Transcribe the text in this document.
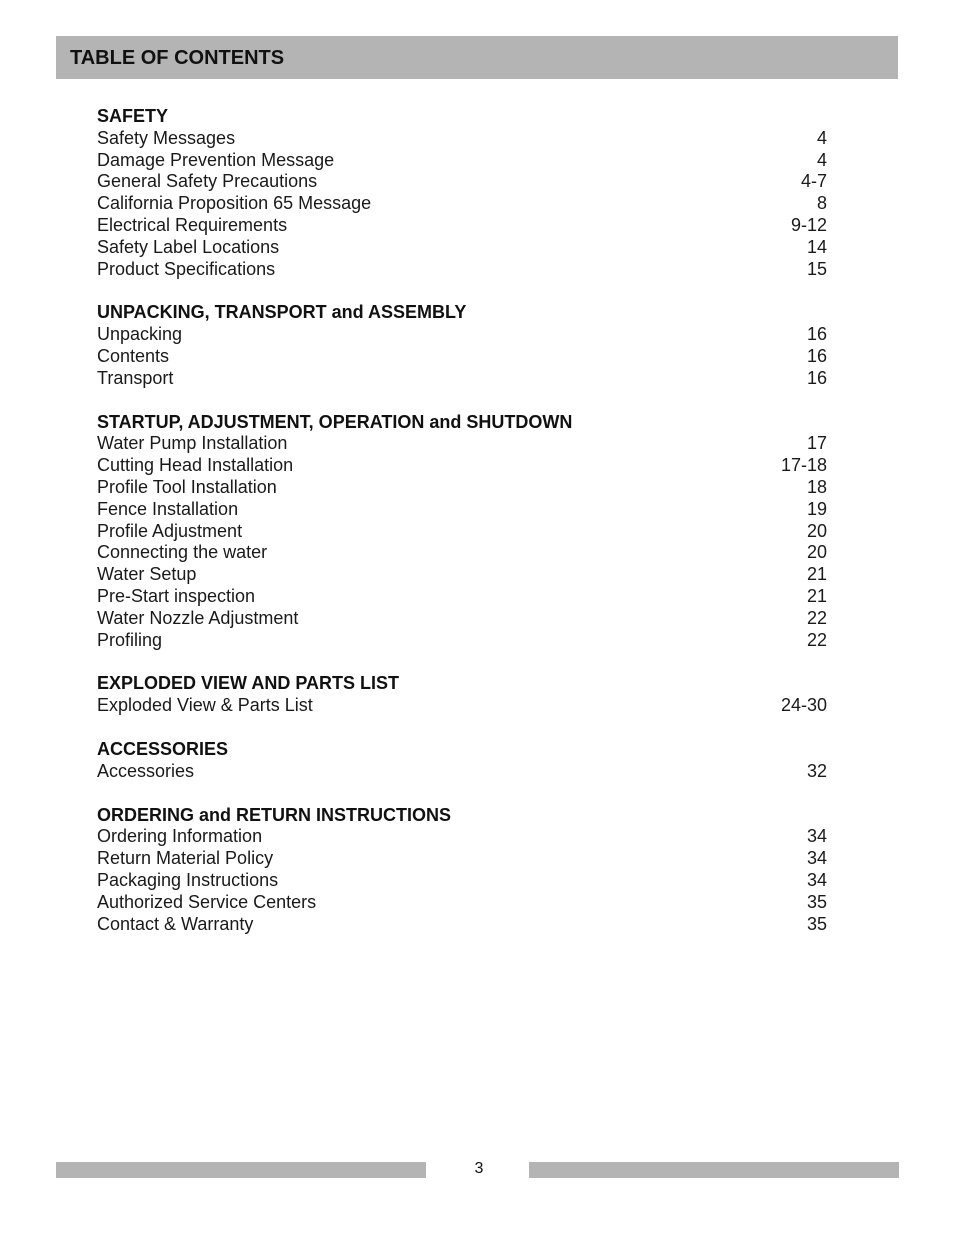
TABLE OF CONTENTS
SAFETY
Safety Messages	4
Damage Prevention Message	4
General Safety Precautions	4-7
California Proposition 65 Message	8
Electrical Requirements	9-12
Safety Label Locations	14
Product Specifications	15
UNPACKING, TRANSPORT and ASSEMBLY
Unpacking	16
Contents	16
Transport	16
STARTUP, ADJUSTMENT, OPERATION and SHUTDOWN
Water Pump Installation	17
Cutting Head Installation	17-18
Profile Tool Installation	18
Fence Installation	19
Profile Adjustment	20
Connecting the water	20
Water Setup	21
Pre-Start inspection	21
Water Nozzle Adjustment	22
Profiling	22
EXPLODED VIEW AND PARTS LIST
Exploded View & Parts List	24-30
ACCESSORIES
Accessories	32
ORDERING and RETURN INSTRUCTIONS
Ordering Information	34
Return Material Policy	34
Packaging Instructions	34
Authorized Service Centers	35
Contact & Warranty	35
3
